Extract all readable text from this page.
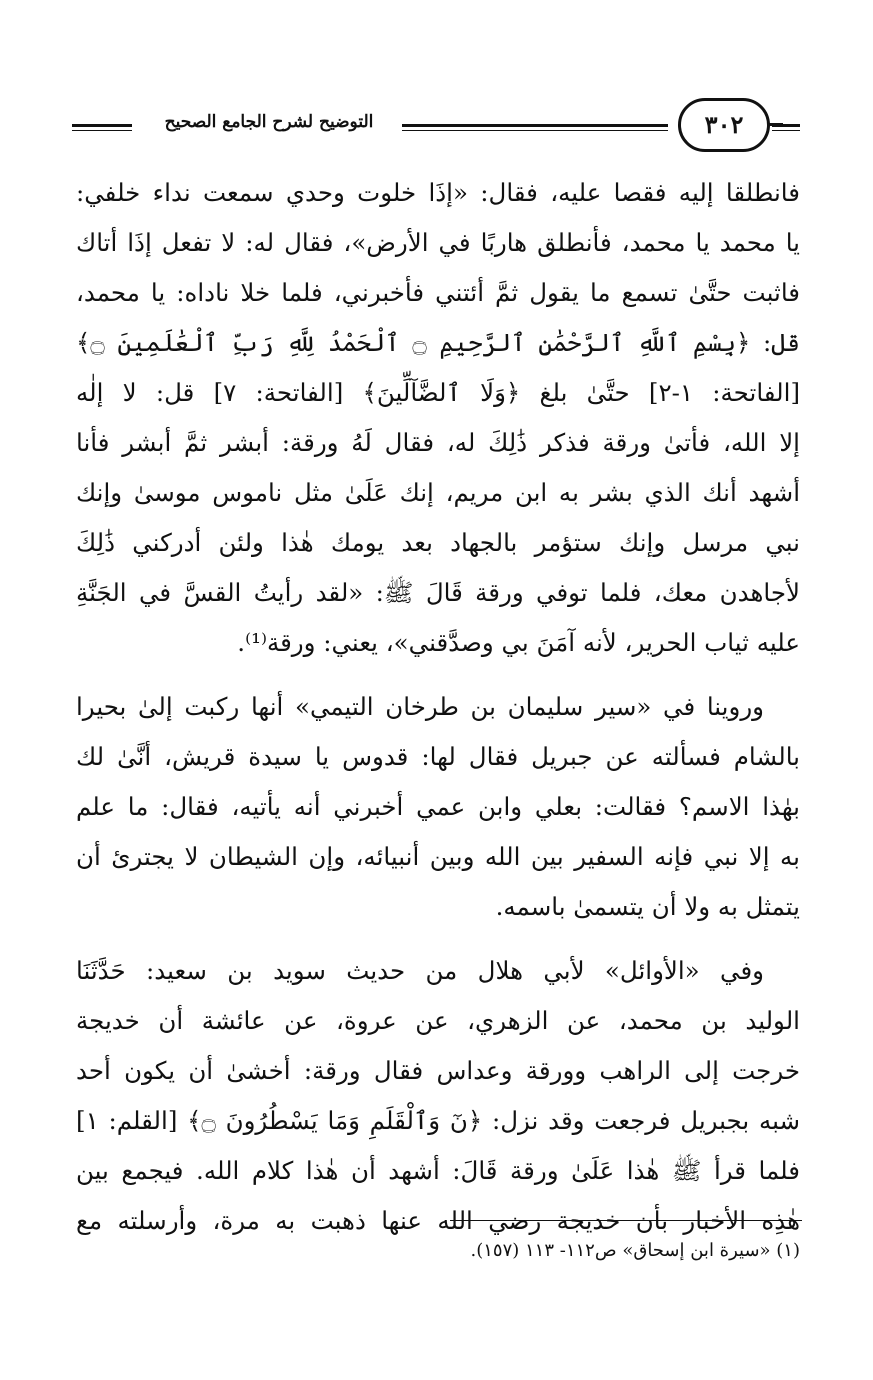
التوضيح لشرح الجامع الصحيح	٣٠٢
فانطلقا إليه فقصا عليه، فقال: «إذَا خلوت وحدي سمعت نداء خلفي:
يا محمد يا محمد، فأنطلق هاربًا في الأرض»، فقال له: لا تفعل إذَا أتاك
فاثبت حتَّىٰ تسمع ما يقول ثمَّ أئتني فأخبرني، فلما خلا ناداه: يا محمد،
قل: ﴿بِسْمِ ٱللَّهِ ٱلرَّحْمَٰنِ ٱلرَّحِيمِ ۝ ٱلْحَمْدُ لِلَّهِ رَبِّ ٱلْعَٰلَمِينَ ۝﴾
[الفاتحة: ١-٢] حتَّىٰ بلغ ﴿وَلَا ٱلضَّآلِّينَ﴾ [الفاتحة: ٧] قل: لا إلٰه
إلا الله، فأتىٰ ورقة فذكر ذَٰلِكَ له، فقال لَهُ ورقة: أبشر ثمَّ أبشر فأنا
أشهد أنك الذي بشر به ابن مريم، إنك عَلَىٰ مثل ناموس موسىٰ وإنك
نبي مرسل وإنك ستؤمر بالجهاد بعد يومك هٰذا ولئن أدركني ذَٰلِكَ
لأجاهدن معك، فلما توفي ورقة قَالَ ﷺ: «لقد رأيتُ القسَّ في الجَنَّةِ
عليه ثياب الحرير، لأنه آمَنَ بي وصدَّقني»، يعني: ورقة⁽¹⁾.
وروينا في «سير سليمان بن طرخان التيمي» أنها ركبت إلىٰ بحيرا
بالشام فسألته عن جبريل فقال لها: قدوس يا سيدة قريش، أنَّىٰ لك
بهٰذا الاسم؟ فقالت: بعلي وابن عمي أخبرني أنه يأتيه، فقال: ما علم
به إلا نبي فإنه السفير بين الله وبين أنبيائه، وإن الشيطان لا يجترئ أن
يتمثل به ولا أن يتسمىٰ باسمه.
وفي «الأوائل» لأبي هلال من حديث سويد بن سعيد: حَدَّثَنَا
الوليد بن محمد، عن الزهري، عن عروة، عن عائشة أن خديجة
خرجت إلى الراهب وورقة وعداس فقال ورقة: أخشىٰ أن يكون أحد
شبه بجبريل فرجعت وقد نزل: ﴿نٓ وَٱلْقَلَمِ وَمَا يَسْطُرُونَ ۝﴾ [القلم: ١]
فلما قرأ ﷺ هٰذا عَلَىٰ ورقة قَالَ: أشهد أن هٰذا كلام الله. فيجمع بين
هٰذِه الأخبار بأن خديجة رضي الله عنها ذهبت به مرة، وأرسلته مع
(١) «سيرة ابن إسحاق» ص١١٢- ١١٣ (١٥٧).
